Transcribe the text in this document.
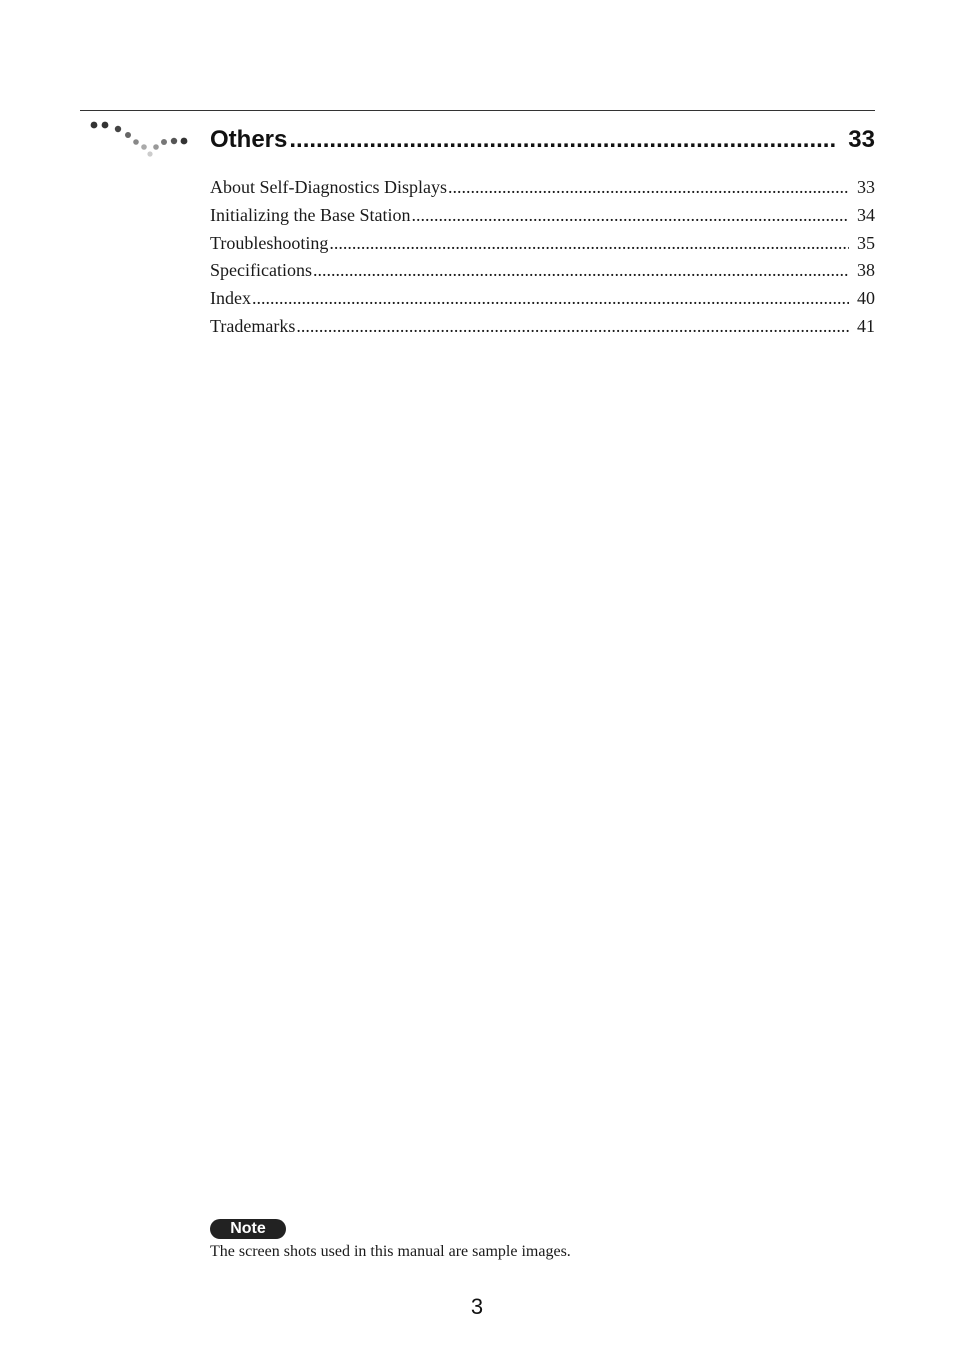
Others .....	33
About Self-Diagnostics Displays .....	33
Initializing the Base Station .....	34
Troubleshooting .....	35
Specifications .....	38
Index .....	40
Trademarks .....	41
Note
The screen shots used in this manual are sample images.
3
